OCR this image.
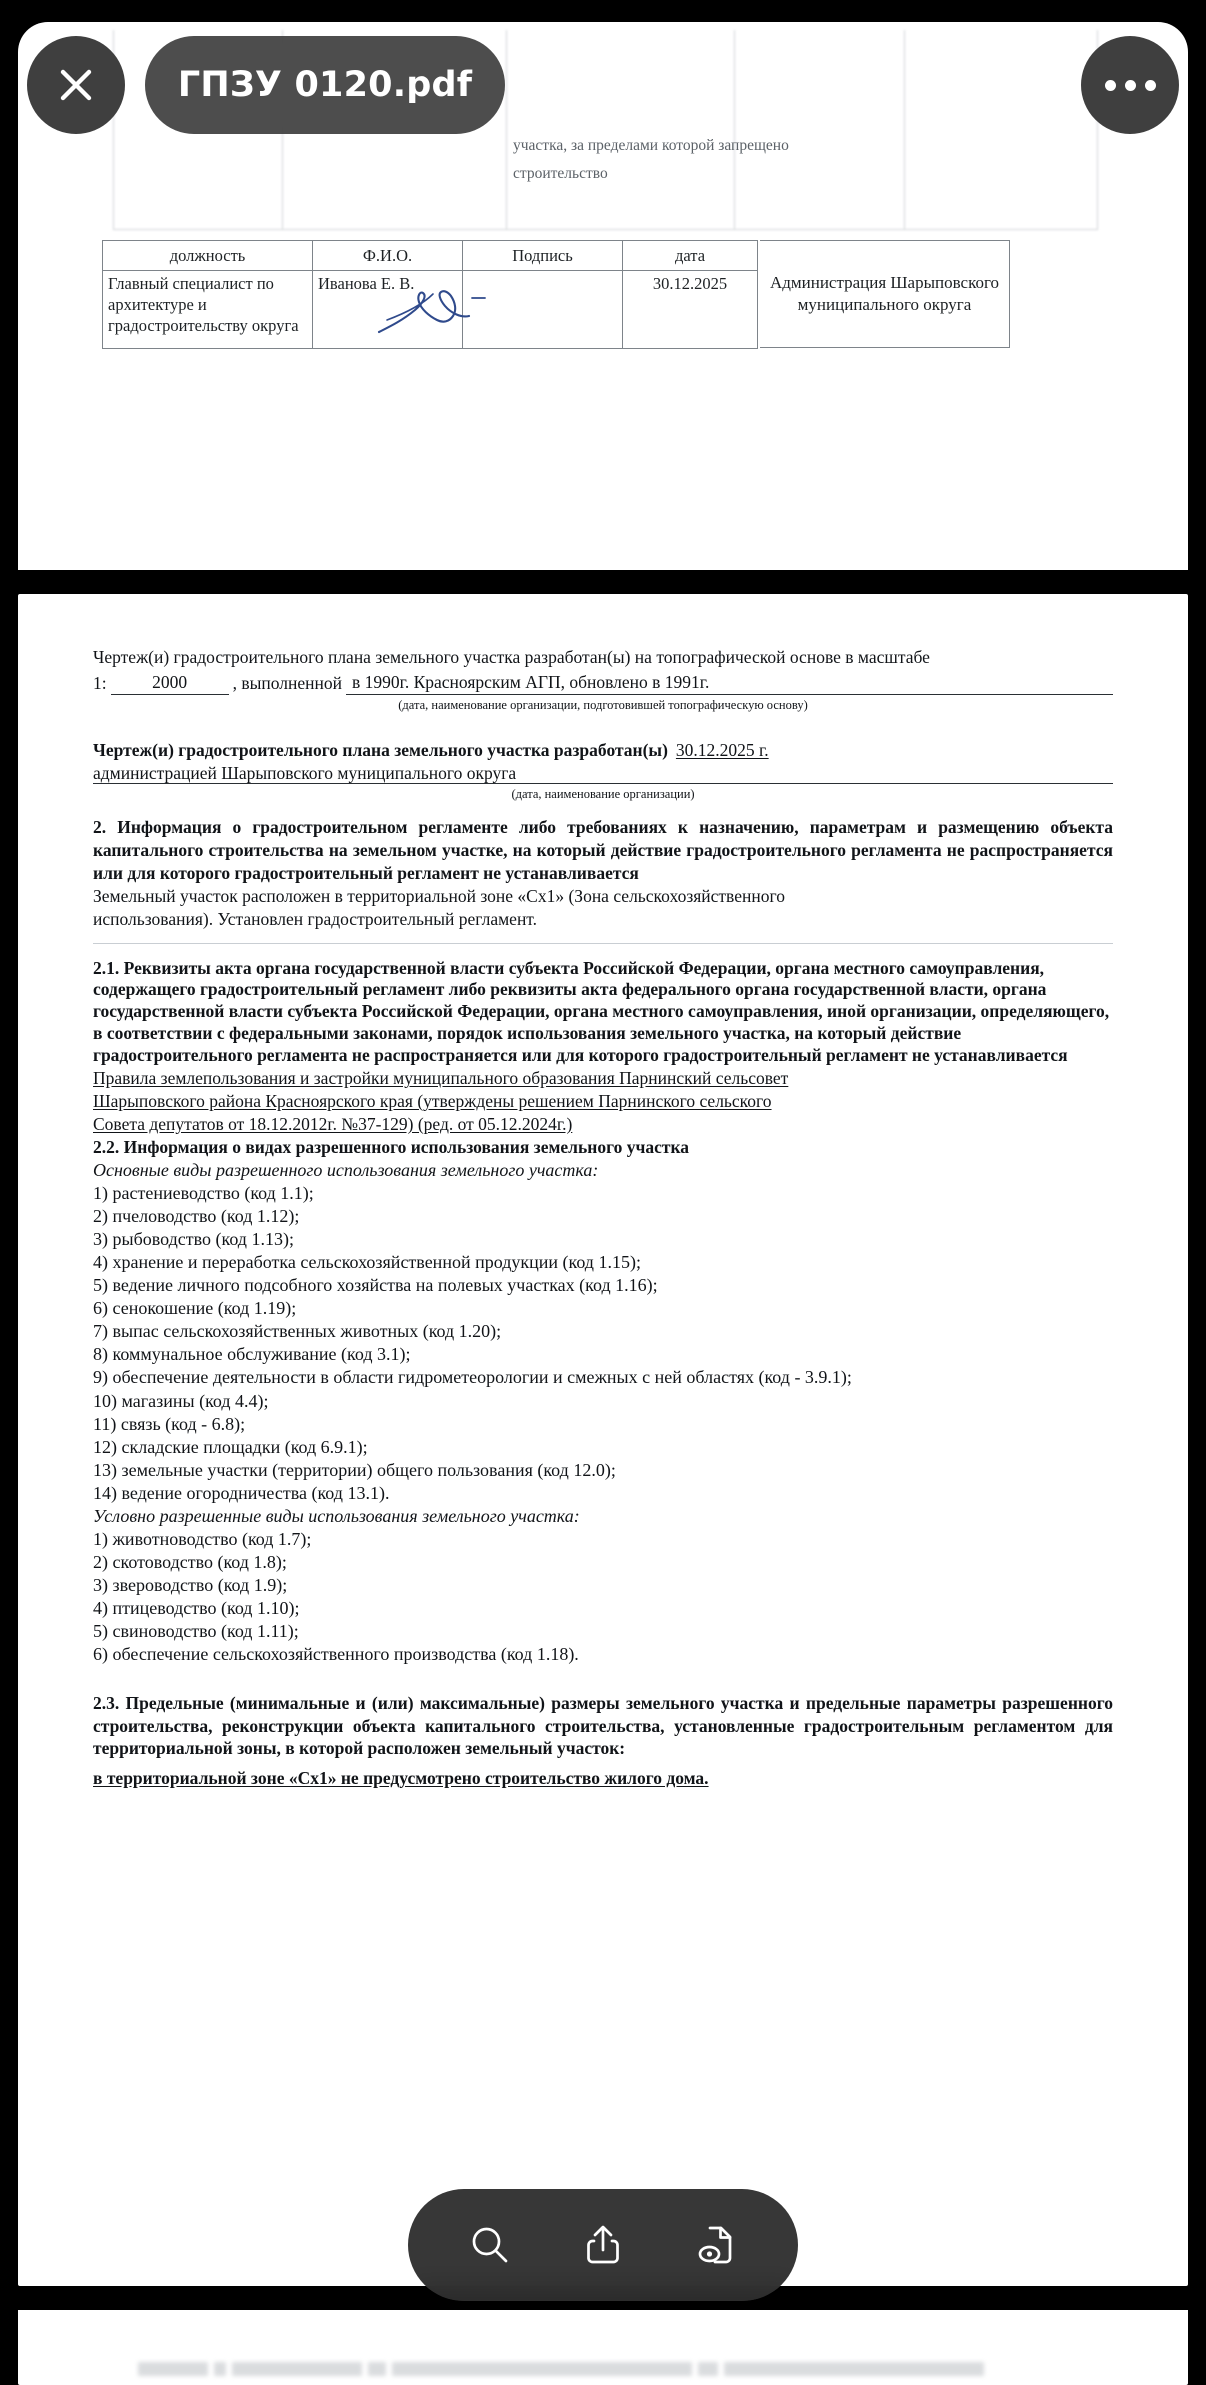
участка, за пределами которой запрещено
строительство
должность	Ф.И.О.	Подпись	дата
Главный специалист по архитектуре и градостроительству округа	Иванова Е. В.		30.12.2025	Администрация Шарыповского муниципального округа

Чертеж(и) градостроительного плана земельного участка разработан(ы) на топографической основе в масштабе

1:	2000	, выполненной в 1990г. Красноярским АГП, обновлено в 1991г.

(дата, наименование организации, подготовившей топографическую основу)

Чертеж(и) градостроительного плана земельного участка разработан(ы) 30.12.2025 г.

администрацией Шарыповского муниципального округа

(дата, наименование организации)

2. Информация о градостроительном регламенте либо требованиях к назначению, параметрам и размещению объекта капитального строительства на земельном участке, на который действие градостроительного регламента не распространяется или для которого градостроительный регламент не устанавливается

Земельный участок расположен в территориальной зоне «Сх1» (Зона сельскохозяйственного

использования). Установлен градостроительный регламент.

2.1. Реквизиты акта органа государственной власти субъекта Российской Федерации, органа местного самоуправления, содержащего градостроительный регламент либо реквизиты акта федерального органа государственной власти, органа государственной власти субъекта Российской Федерации, органа местного самоуправления, иной организации, определяющего, в соответствии с федеральными законами, порядок использования земельного участка, на который действие градостроительного регламента не распространяется или для которого градостроительный регламент не устанавливается

Правила землепользования и застройки муниципального образования Парнинский сельсовет

Шарыповского района Красноярского края (утверждены решением Парнинского сельского

Совета депутатов от 18.12.2012г. №37-129) (ред. от 05.12.2024г.)

2.2. Информация о видах разрешенного использования земельного участка

Основные виды разрешенного использования земельного участка:

1) растениеводство (код 1.1);

2) пчеловодство (код 1.12);

3) рыбоводство (код 1.13);

4) хранение и переработка сельскохозяйственной продукции (код 1.15);

5) ведение личного подсобного хозяйства на полевых участках (код 1.16);

6) сенокошение (код 1.19);

7) выпас сельскохозяйственных животных (код 1.20);

8) коммунальное обслуживание (код 3.1);

9) обеспечение деятельности в области гидрометеорологии и смежных с ней областях (код - 3.9.1);

10) магазины (код 4.4);

11) связь (код - 6.8);

12) складские площадки (код 6.9.1);

13) земельные участки (территории) общего пользования (код 12.0);

14) ведение огородничества (код 13.1).

Условно разрешенные виды использования земельного участка:

1) животноводство (код 1.7);

2) скотоводство (код 1.8);

3) звероводство (код 1.9);

4) птицеводство (код 1.10);

5) свиноводство (код 1.11);

6) обеспечение сельскохозяйственного производства (код 1.18).

2.3. Предельные (минимальные и (или) максимальные) размеры земельного участка и предельные параметры разрешенного строительства, реконструкции объекта капитального строительства, установленные градостроительным регламентом для территориальной зоны, в которой расположен земельный участок:

в территориальной зоне «Сх1» не предусмотрено строительство жилого дома.

ГПЗУ 0120.pdf
